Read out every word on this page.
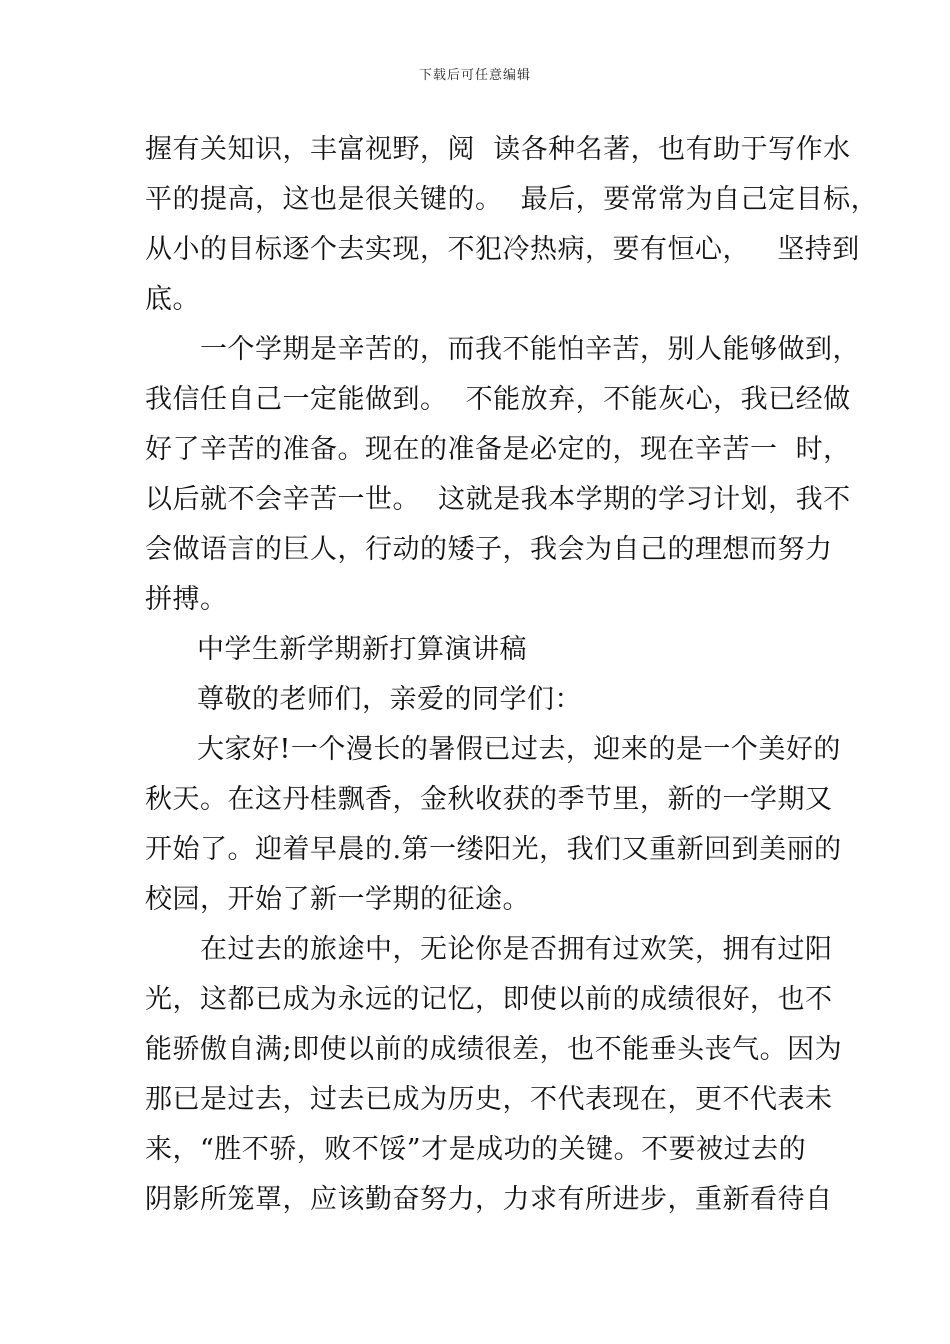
下载后可任意编辑
握有关知识，丰富视野，阅  读各种名著，也有助于写作水
平的提高，这也是很关键的。  最后，要常常为自己定目标，
从小的目标逐个去实现，不犯冷热病，要有恒心，   坚持到
底。
一个学期是辛苦的，而我不能怕辛苦，别人能够做到，
我信任自己一定能做到。  不能放弃，不能灰心，我已经做
好了辛苦的准备。现在的准备是必定的，现在辛苦一  时，
以后就不会辛苦一世。  这就是我本学期的学习计划，我不
会做语言的巨人，行动的矮子，我会为自己的理想而努力
拼搏。
中学生新学期新打算演讲稿
尊敬的老师们，亲爱的同学们：
大家好!一个漫长的暑假已过去，迎来的是一个美好的
秋天。在这丹桂飘香，金秋收获的季节里，新的一学期又
开始了。迎着早晨的.第一缕阳光，我们又重新回到美丽的
校园，开始了新一学期的征途。
在过去的旅途中，无论你是否拥有过欢笑，拥有过阳
光，这都已成为永远的记忆，即使以前的成绩很好，也不
能骄傲自满;即使以前的成绩很差，也不能垂头丧气。因为
那已是过去，过去已成为历史，不代表现在，更不代表未
来，“胜不骄，败不馁”才是成功的关键。不要被过去的
阴影所笼罩，应该勤奋努力，力求有所进步，重新看待自
